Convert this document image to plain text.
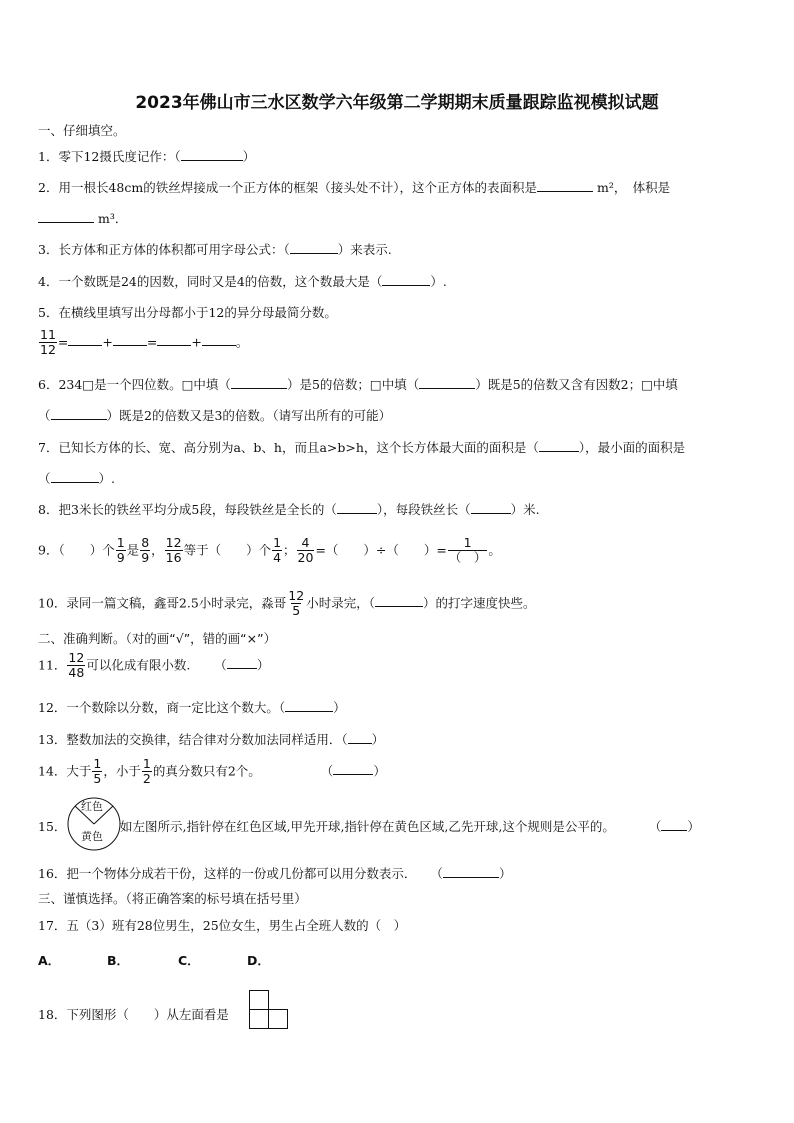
2023年佛山市三水区数学六年级第二学期期末质量跟踪监视模拟试题
一、仔细填空。
1．零下12摄氏度记作：（	）
2．用一根长48cm的铁丝焊接成一个正方体的框架（接头处不计），这个正方体的表面积是	m²，　体积是
m³．
3．长方体和正方体的体积都可用字母公式：（	）来表示.
4．一个数既是24的因数，同时又是4的倍数，这个数最大是（	）.
5．在横线里填写出分母都小于12的异分母最简分数。
$\frac{11}{12}$ =	+	=	+	。
6．234□是一个四位数。□中填（	）是5的倍数；□中填（	）既是5的倍数又含有因数2；□中填
（	）既是2的倍数又是3的倍数。（请写出所有的可能）
7．已知长方体的长、宽、高分别为a、b、h，而且a>b>h，这个长方体最大面的面积是（	），最小面的面积是
（	）.
8．把3米长的铁丝平均分成5段，每段铁丝是全长的（	），每段铁丝长（	）米.
9．（　　）个 $\frac{1}{9}$ 是 $\frac{8}{9}$ ， $\frac{12}{16}$ 等于（　　）个 $\frac{1}{4}$ ； $\frac{4}{20}$ =（　　）÷（　　）= $\frac{1}{( )}$ 。
10．录同一篇文稿，鑫哥2.5小时录完，淼哥 $\frac{12}{5}$ 小时录完，（	）的打字速度快些。
二、准确判断。（对的画“√”，错的画“×”）
11． $\frac{12}{48}$ 可以化成有限小数. （ ）
12．一个数除以分数，商一定比这个数大。（	）
13．整数加法的交换律，结合律对分数加法同样适用．（ ）
14．大于 $\frac{1}{5}$ ，小于 $\frac{1}{2}$ 的真分数只有2个。	（	）
15．
红色
黄色
如左图所示,指针停在红色区域,甲先开球,指针停在黄色区域,乙先开球,这个规则是公平的。	（ ）
16．把一个物体分成若干份，这样的一份或几份都可以用分数表示． （	）
三、谨慎选择。（将正确答案的标号填在括号里）
17．五（3）班有28位男生，25位女生，男生占全班人数的（　）
A．	B．	C．	D．
18．下列图形（　　）从左面看是
